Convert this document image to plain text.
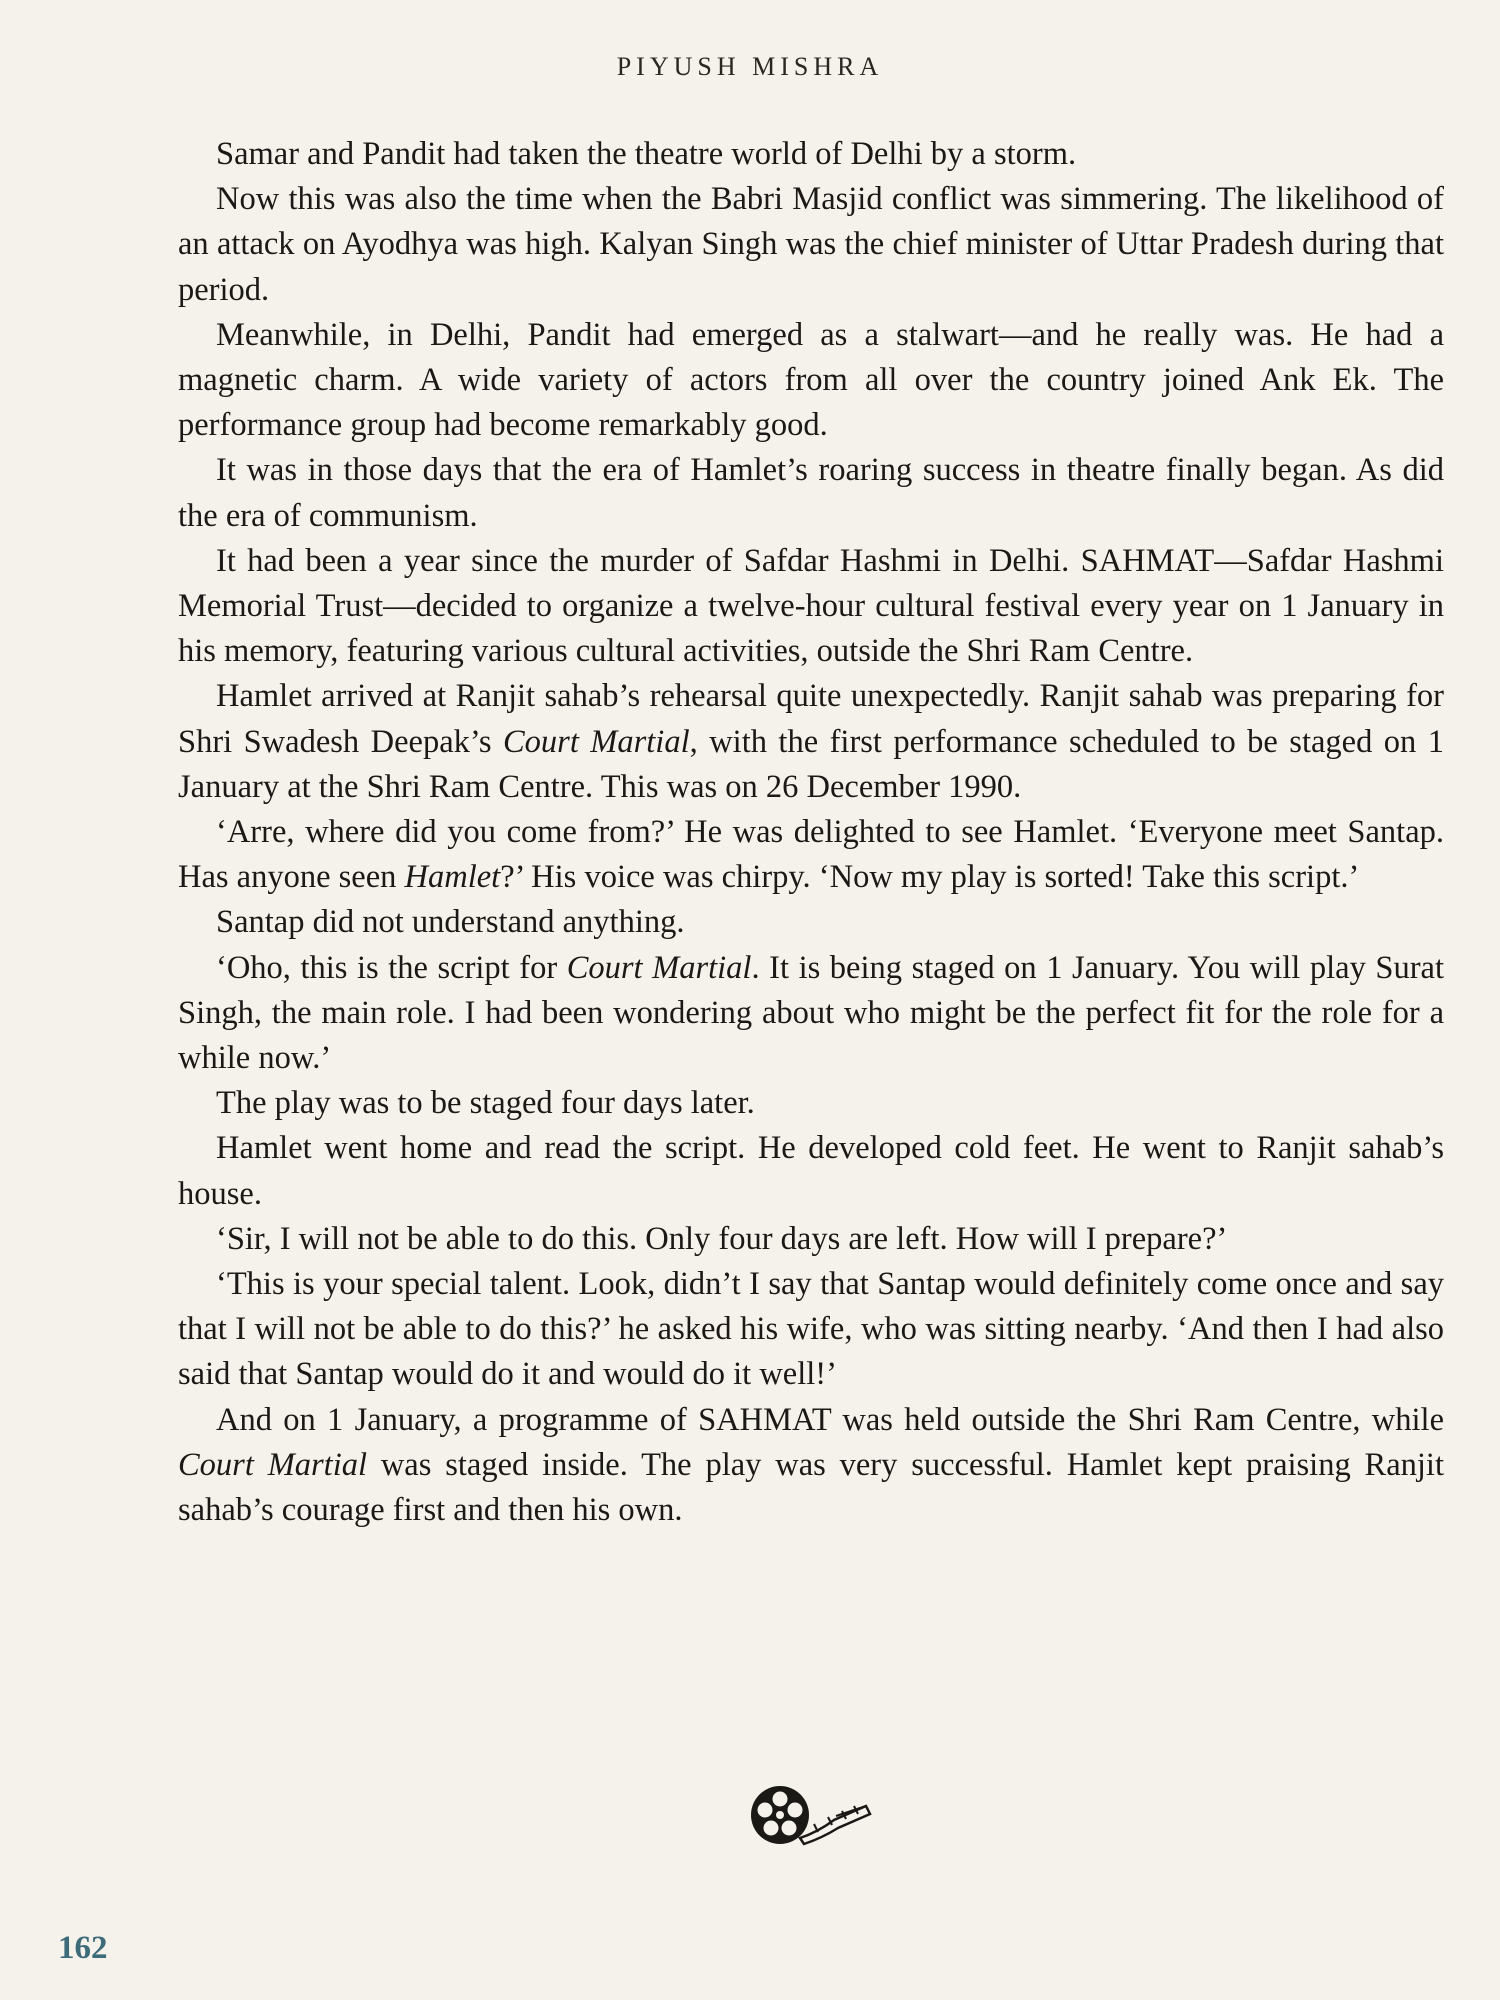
PIYUSH MISHRA

Samar and Pandit had taken the theatre world of Delhi by a storm.

Now this was also the time when the Babri Masjid conflict was simmering. The likelihood of an attack on Ayodhya was high. Kalyan Singh was the chief minister of Uttar Pradesh during that period.

Meanwhile, in Delhi, Pandit had emerged as a stalwart—and he really was. He had a magnetic charm. A wide variety of actors from all over the country joined Ank Ek. The performance group had become remarkably good.

It was in those days that the era of Hamlet’s roaring success in theatre finally began. As did the era of communism.

It had been a year since the murder of Safdar Hashmi in Delhi. SAHMAT—Safdar Hashmi Memorial Trust—decided to organize a twelve-hour cultural festival every year on 1 January in his memory, featuring various cultural activities, outside the Shri Ram Centre.

Hamlet arrived at Ranjit sahab’s rehearsal quite unexpectedly. Ranjit sahab was preparing for Shri Swadesh Deepak’s Court Martial, with the first performance scheduled to be staged on 1 January at the Shri Ram Centre. This was on 26 December 1990.

‘Arre, where did you come from?’ He was delighted to see Hamlet. ‘Everyone meet Santap. Has anyone seen Hamlet?’ His voice was chirpy. ‘Now my play is sorted! Take this script.’

Santap did not understand anything.

‘Oho, this is the script for Court Martial. It is being staged on 1 January. You will play Surat Singh, the main role. I had been wondering about who might be the perfect fit for the role for a while now.’

The play was to be staged four days later.

Hamlet went home and read the script. He developed cold feet. He went to Ranjit sahab’s house.

‘Sir, I will not be able to do this. Only four days are left. How will I prepare?’

‘This is your special talent. Look, didn’t I say that Santap would definitely come once and say that I will not be able to do this?’ he asked his wife, who was sitting nearby. ‘And then I had also said that Santap would do it and would do it well!’

And on 1 January, a programme of SAHMAT was held outside the Shri Ram Centre, while Court Martial was staged inside. The play was very successful. Hamlet kept praising Ranjit sahab’s courage first and then his own.

162
